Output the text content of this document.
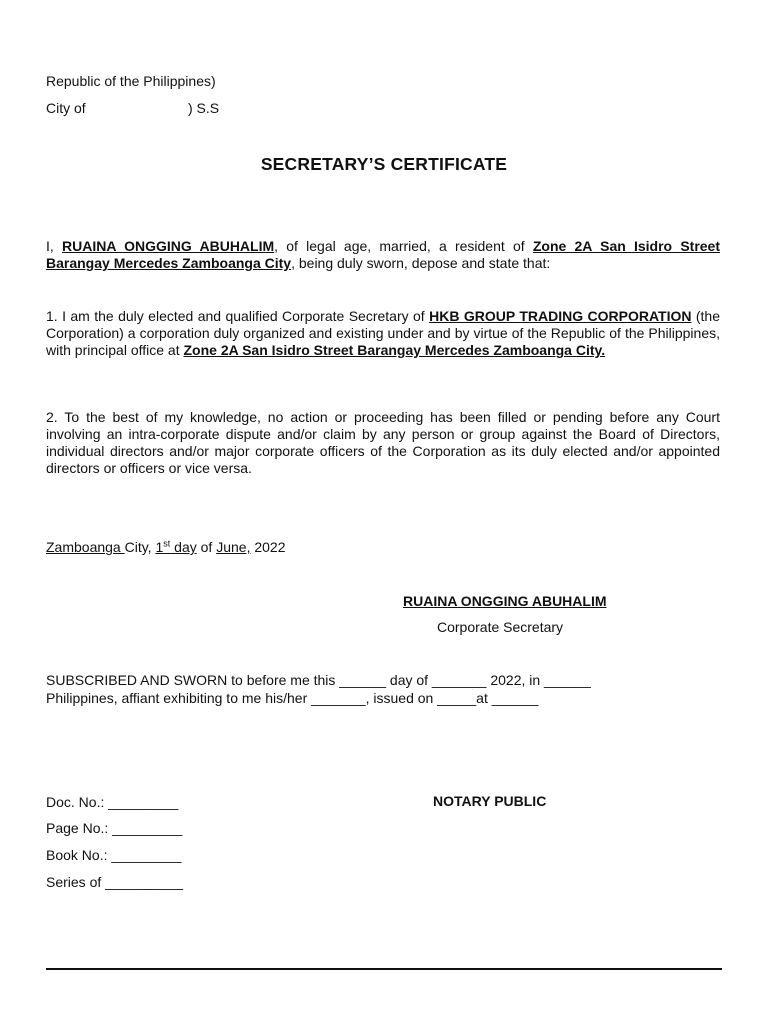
Republic of the Philippines)
City of	) S.S
SECRETARY’S CERTIFICATE
I, RUAINA ONGGING ABUHALIM, of legal age, married, a resident of Zone 2A San Isidro Street Barangay Mercedes Zamboanga City, being duly sworn, depose and state that:
1. I am the duly elected and qualified Corporate Secretary of HKB GROUP TRADING CORPORATION (the Corporation) a corporation duly organized and existing under and by virtue of the Republic of the Philippines, with principal office at Zone 2A San Isidro Street Barangay Mercedes Zamboanga City.
2. To the best of my knowledge, no action or proceeding has been filled or pending before any Court involving an intra-corporate dispute and/or claim by any person or group against the Board of Directors, individual directors and/or major corporate officers of the Corporation as its duly elected and/or appointed directors or officers or vice versa.
Zamboanga City, 1st day of June, 2022
RUAINA ONGGING ABUHALIM
Corporate Secretary
SUBSCRIBED AND SWORN to before me this ______ day of _______ 2022, in ______
Philippines, affiant exhibiting to me his/her _______, issued on _____at ______
Doc. No.: _________	NOTARY PUBLIC
Page No.: _________
Book No.: _________
Series of __________
